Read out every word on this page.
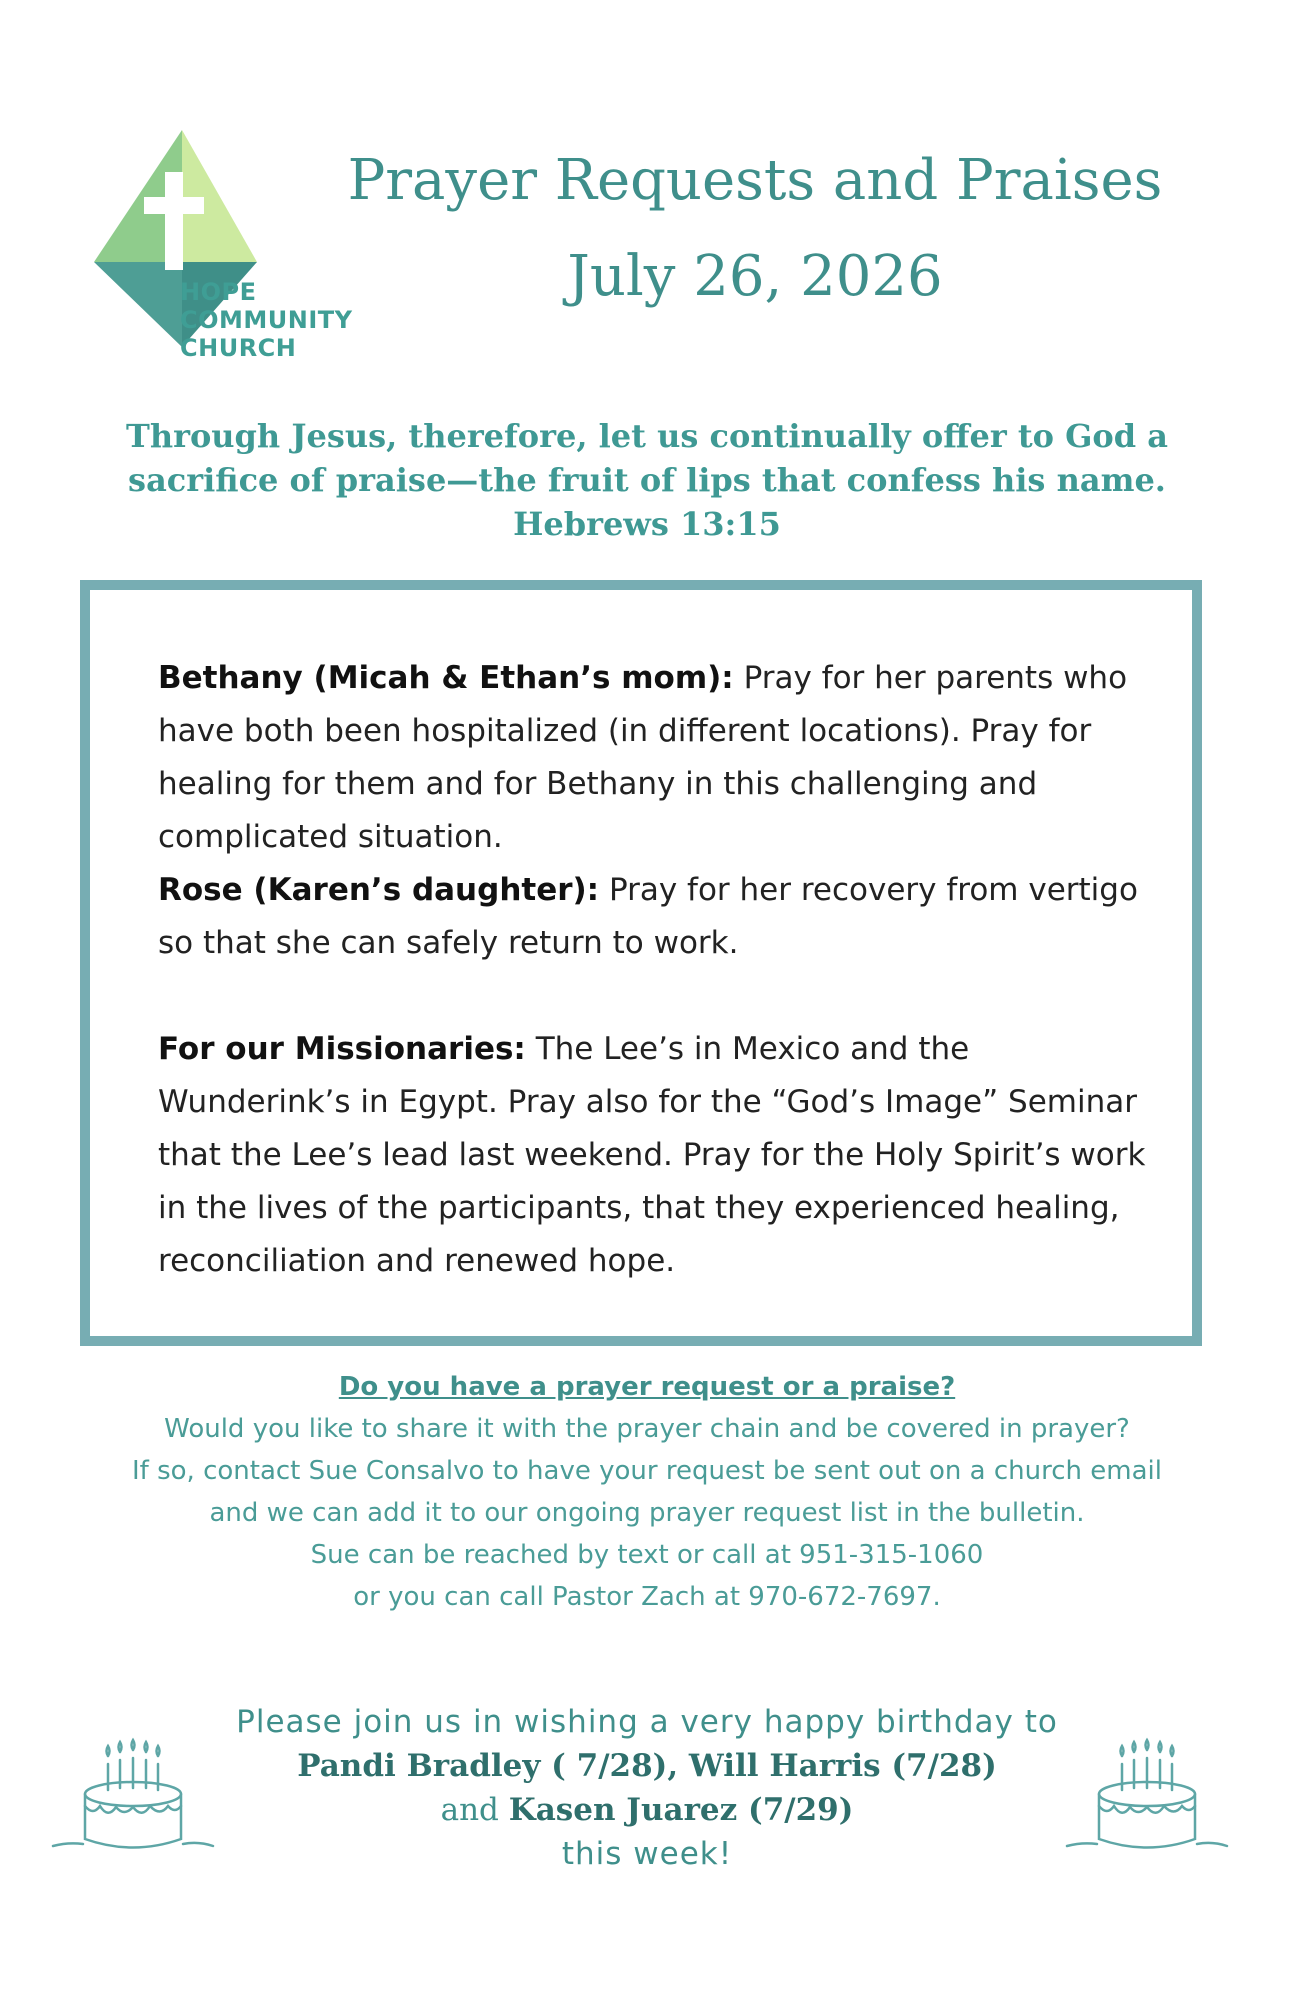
HOPE
COMMUNITY
CHURCH
Prayer Requests and Praises
July 26, 2026
Through Jesus, therefore, let us continually offer to God a
sacrifice of praise—the fruit of lips that confess his name.
Hebrews 13:15

Bethany (Micah & Ethan’s mom): Pray for her parents who have both been hospitalized (in different locations). Pray for healing for them and for Bethany in this challenging and complicated situation.

Rose (Karen’s daughter): Pray for her recovery from vertigo so that she can safely return to work.

For our Missionaries: The Lee’s in Mexico and the Wunderink’s in Egypt. Pray also for the “God’s Image” Seminar that the Lee’s lead last weekend. Pray for the Holy Spirit’s work in the lives of the participants, that they experienced healing, reconciliation and renewed hope.

Do you have a prayer request or a praise?

Would you like to share it with the prayer chain and be covered in prayer?

If so, contact Sue Consalvo to have your request be sent out on a church email

and we can add it to our ongoing prayer request list in the bulletin.

Sue can be reached by text or call at 951-315-1060

or you can call Pastor Zach at 970-672-7697.

Please join us in wishing a very happy birthday to

Pandi Bradley ( 7/28), Will Harris (7/28)

and Kasen Juarez (7/29)

this week!
